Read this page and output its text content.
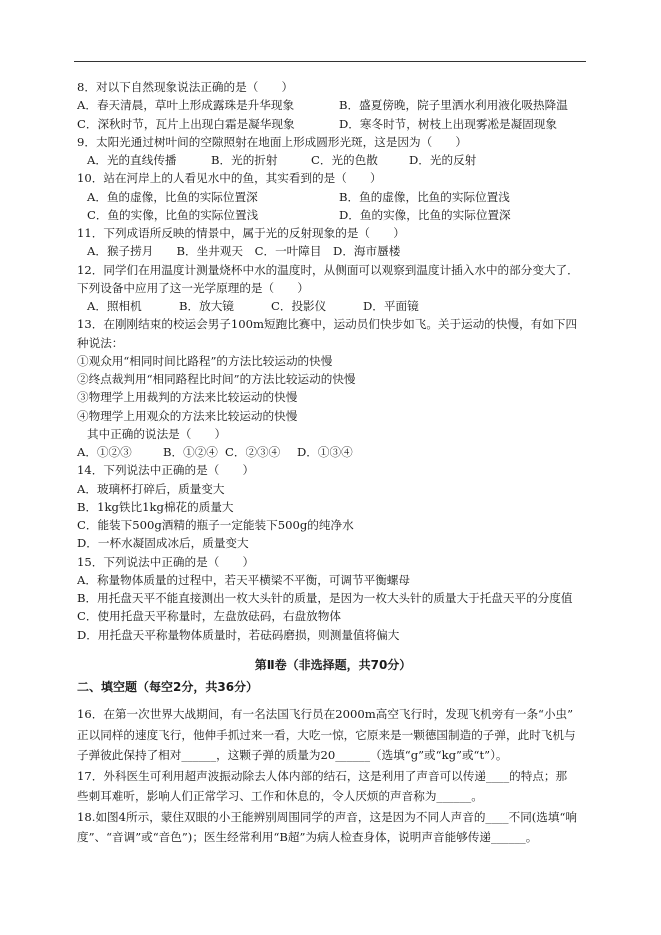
8．对以下自然现象说法正确的是（　　）
A．春天清晨，草叶上形成露珠是升华现象	B．盛夏傍晚，院子里洒水利用液化吸热降温
C．深秋时节，瓦片上出现白霜是凝华现象	D．寒冬时节，树枝上出现雾凇是凝固现象
9．太阳光通过树叶间的空隙照射在地面上形成圆形光斑，这是因为（　　）
A．光的直线传播	B．光的折射	C．光的色散	D．光的反射
10．站在河岸上的人看见水中的鱼，其实看到的是（　　）
A．鱼的虚像，比鱼的实际位置深	B．鱼的虚像，比鱼的实际位置浅
C．鱼的实像，比鱼的实际位置浅	D．鱼的实像，比鱼的实际位置深
11．下列成语所反映的情景中，属于光的反射现象的是（　　）
A．猴子捞月　　B．坐井观天　C．一叶障目　D．海市蜃楼
12．同学们在用温度计测量烧杯中水的温度时，从侧面可以观察到温度计插入水中的部分变大了．
下列设备中应用了这一光学原理的是（　　）
A．照相机	B．放大镜	C．投影仪	D．平面镜
13．在刚刚结束的校运会男子100m短跑比赛中，运动员们快步如飞。关于运动的快慢，有如下四
种说法：
①观众用“相同时间比路程”的方法比较运动的快慢
②终点裁判用“相同路程比时间”的方法比较运动的快慢
③物理学上用裁判的方法来比较运动的快慢
④物理学上用观众的方法来比较运动的快慢
其中正确的说法是（　　）
A．①②③	B．①②④ C．②③④	D．①③④
14．下列说法中正确的是（　　）
A．玻璃杯打碎后，质量变大
B．1kg铁比1kg棉花的质量大
C．能装下500g酒精的瓶子一定能装下500g的纯净水
D．一杯水凝固成冰后，质量变大
15．下列说法中正确的是（　　）
A．称量物体质量的过程中，若天平横梁不平衡，可调节平衡螺母
B．用托盘天平不能直接测出一枚大头针的质量，是因为一枚大头针的质量大于托盘天平的分度值
C．使用托盘天平称量时，左盘放砝码，右盘放物体
D．用托盘天平称量物体质量时，若砝码磨损，则测量值将偏大
第Ⅱ卷（非选择题，共70分）
二、填空题（每空2分，共36分）
16．在第一次世界大战期间，有一名法国飞行员在2000m高空飞行时，发现飞机旁有一条“小虫”
正以同样的速度飞行，他伸手抓过来一看，大吃一惊，它原来是一颗德国制造的子弹，此时飞机与
子弹彼此保持了相对______，这颗子弹的质量为20______（选填“g”或“kg”或“t”）。
17．外科医生可利用超声波振动除去人体内部的结石，这是利用了声音可以传递____的特点；那
些刺耳难听，影响人们正常学习、工作和休息的，令人厌烦的声音称为______。
18.如图4所示，蒙住双眼的小王能辨别周围同学的声音，这是因为不同人声音的____不同(选填“响
度”、“音调”或“音色”)；医生经常利用“B超”为病人检查身体，说明声音能够传递______。
